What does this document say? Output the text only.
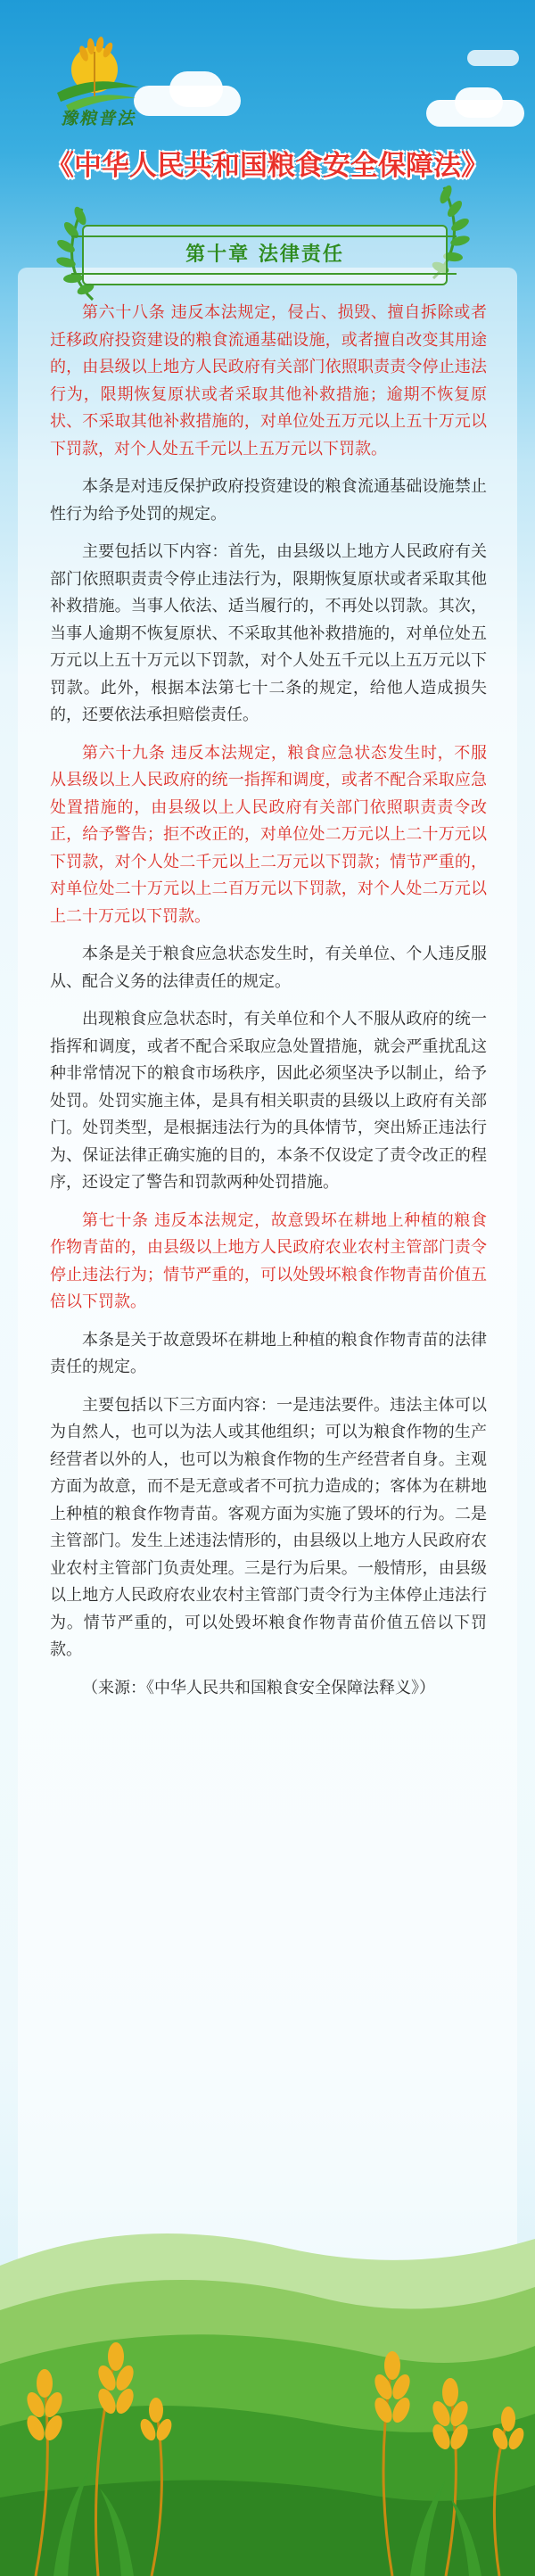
豫粮普法
《中华人民共和国粮食安全保障法》
第十章 法律责任

第六十八条 违反本法规定，侵占、损毁、擅自拆除或者迁移政府投资建设的粮食流通基础设施，或者擅自改变其用途的，由县级以上地方人民政府有关部门依照职责责令停止违法行为，限期恢复原状或者采取其他补救措施；逾期不恢复原状、不采取其他补救措施的，对单位处五万元以上五十万元以下罚款，对个人处五千元以上五万元以下罚款。

本条是对违反保护政府投资建设的粮食流通基础设施禁止性行为给予处罚的规定。

主要包括以下内容：首先，由县级以上地方人民政府有关部门依照职责责令停止违法行为，限期恢复原状或者采取其他补救措施。当事人依法、适当履行的，不再处以罚款。其次，当事人逾期不恢复原状、不采取其他补救措施的，对单位处五万元以上五十万元以下罚款，对个人处五千元以上五万元以下罚款。此外，根据本法第七十二条的规定，给他人造成损失的，还要依法承担赔偿责任。

第六十九条 违反本法规定，粮食应急状态发生时，不服从县级以上人民政府的统一指挥和调度，或者不配合采取应急处置措施的，由县级以上人民政府有关部门依照职责责令改正，给予警告；拒不改正的，对单位处二万元以上二十万元以下罚款，对个人处二千元以上二万元以下罚款；情节严重的，对单位处二十万元以上二百万元以下罚款，对个人处二万元以上二十万元以下罚款。

本条是关于粮食应急状态发生时，有关单位、个人违反服从、配合义务的法律责任的规定。

出现粮食应急状态时，有关单位和个人不服从政府的统一指挥和调度，或者不配合采取应急处置措施，就会严重扰乱这种非常情况下的粮食市场秩序，因此必须坚决予以制止，给予处罚。处罚实施主体，是具有相关职责的县级以上政府有关部门。处罚类型，是根据违法行为的具体情节，突出矫正违法行为、保证法律正确实施的目的，本条不仅设定了责令改正的程序，还设定了警告和罚款两种处罚措施。

第七十条 违反本法规定，故意毁坏在耕地上种植的粮食作物青苗的，由县级以上地方人民政府农业农村主管部门责令停止违法行为；情节严重的，可以处毁坏粮食作物青苗价值五倍以下罚款。

本条是关于故意毁坏在耕地上种植的粮食作物青苗的法律责任的规定。

主要包括以下三方面内容：一是违法要件。违法主体可以为自然人，也可以为法人或其他组织；可以为粮食作物的生产经营者以外的人，也可以为粮食作物的生产经营者自身。主观方面为故意，而不是无意或者不可抗力造成的；客体为在耕地上种植的粮食作物青苗。客观方面为实施了毁坏的行为。二是主管部门。发生上述违法情形的，由县级以上地方人民政府农业农村主管部门负责处理。三是行为后果。一般情形，由县级以上地方人民政府农业农村主管部门责令行为主体停止违法行为。情节严重的，可以处毁坏粮食作物青苗价值五倍以下罚款。

（来源：《中华人民共和国粮食安全保障法释义》）
